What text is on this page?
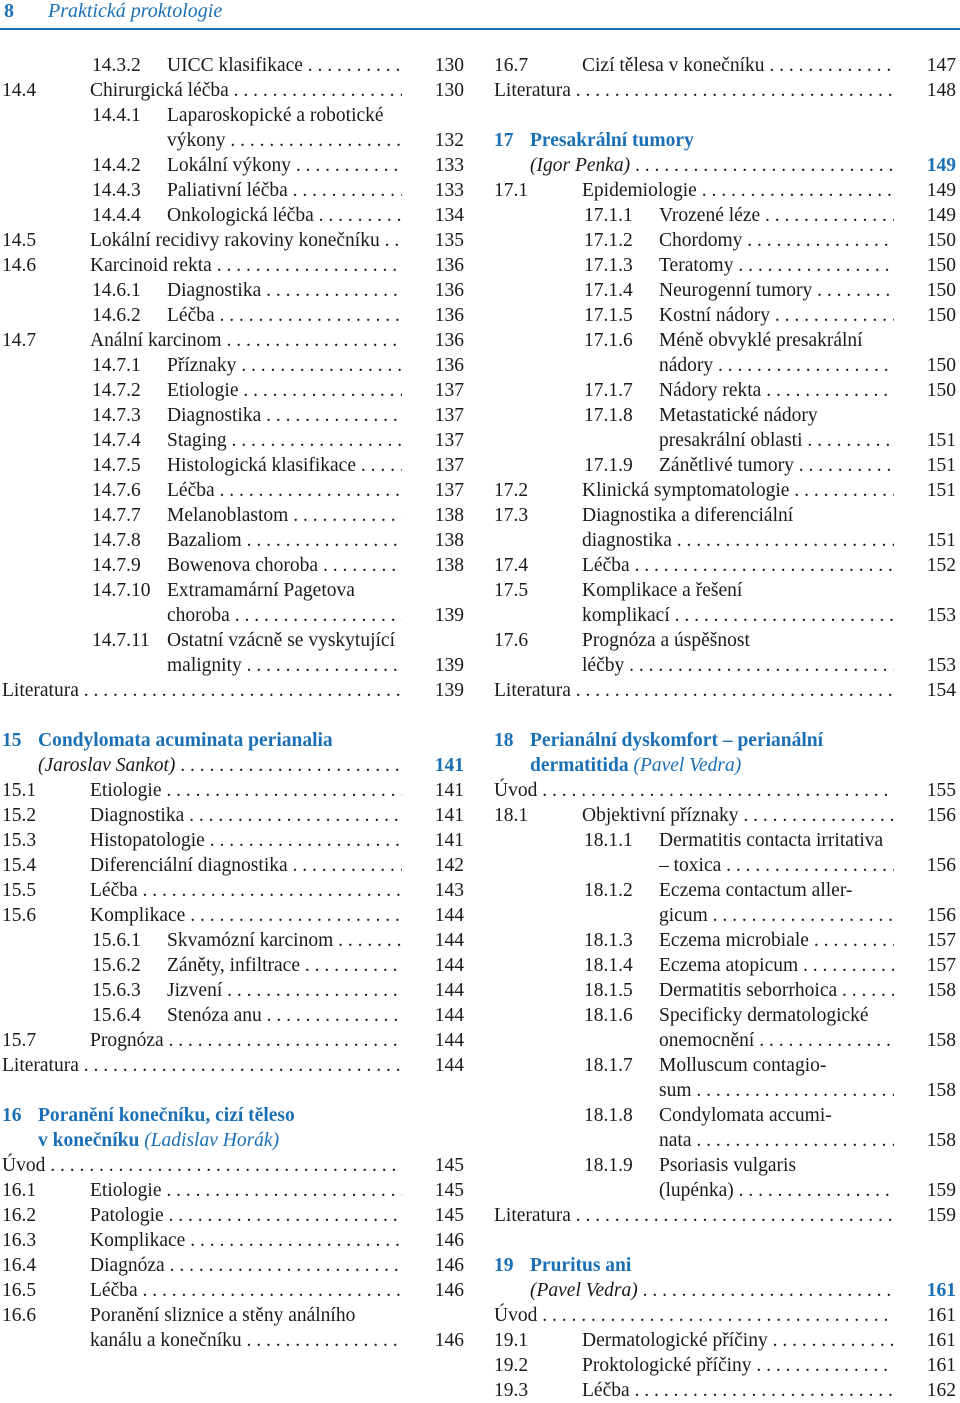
8 Praktická proktologie
14.3.2 UICC klasifikace . . .	130
14.4	Chirurgická léčba . . .	130
14.4.1 Laparoskopické a robotické
výkony . . .	132
14.4.2 Lokální výkony . . .	133
14.4.3 Paliativní léčba . . .	133
14.4.4 Onkologická léčba . . .	134
14.5	Lokální recidivy rakoviny konečníku . . .	135
14.6	Karcinoid rekta . . .	136
14.6.1 Diagnostika . . .	136
14.6.2 Léčba . . .	136
14.7	Anální karcinom . . .	136
14.7.1 Příznaky . . .	136
14.7.2 Etiologie . . .	137
14.7.3 Diagnostika . . .	137
14.7.4 Staging . . .	137
14.7.5 Histologická klasifikace . . .	137
14.7.6 Léčba . . .	137
14.7.7 Melanoblastom . . .	138
14.7.8 Bazaliom . . .	138
14.7.9 Bowenova choroba . . .	138
14.7.10 Extramamární Pagetova
choroba . . .	139
14.7.11 Ostatní vzácně se vyskytující
malignity . . .	139
Literatura . . .	139
15 Condylomata acuminata perianalia
(Jaroslav Sankot) . . .	141
15.1	Etiologie . . .	141
15.2	Diagnostika . . .	141
15.3	Histopatologie . . .	141
15.4	Diferenciální diagnostika . . .	142
15.5	Léčba . . .	143
15.6	Komplikace . . .	144
15.6.1 Skvamózní karcinom . . .	144
15.6.2 Záněty, infiltrace . . .	144
15.6.3 Jizvení . . .	144
15.6.4 Stenóza anu . . .	144
15.7	Prognóza . . .	144
Literatura . . .	144
16 Poranění konečníku, cizí těleso
v konečníku (Ladislav Horák)
Úvod . . .	145
16.1	Etiologie . . .	145
16.2	Patologie . . .	145
16.3	Komplikace . . .	146
16.4	Diagnóza . . .	146
16.5	Léčba . . .	146
16.6	Poranění sliznice a stěny análního
kanálu a konečníku . . .	146
16.7	Cizí tělesa v konečníku . . .	147
Literatura . . .	148
17 Presakrální tumory
(Igor Penka) . . .	149
17.1	Epidemiologie . . .	149
17.1.1 Vrozené léze . . .	149
17.1.2 Chordomy . . .	150
17.1.3 Teratomy . . .	150
17.1.4 Neurogenní tumory . . .	150
17.1.5 Kostní nádory . . .	150
17.1.6 Méně obvyklé presakrální
nádory . . .	150
17.1.7 Nádory rekta . . .	150
17.1.8 Metastatické nádory
presakrální oblasti . . .	151
17.1.9 Zánětlivé tumory . . .	151
17.2	Klinická symptomatologie . . .	151
17.3	Diagnostika a diferenciální
diagnostika . . .	151
17.4	Léčba . . .	152
17.5	Komplikace a řešení
komplikací . . .	153
17.6	Prognóza a úspěšnost
léčby . . .	153
Literatura . . .	154
18 Perianální dyskomfort – perianální
dermatitida (Pavel Vedra)
Úvod . . .	155
18.1	Objektivní příznaky . . .	156
18.1.1 Dermatitis contacta irritativa
– toxica . . .	156
18.1.2 Eczema contactum aller-
gicum . . .	156
18.1.3 Eczema microbiale . . .	157
18.1.4 Eczema atopicum . . .	157
18.1.5 Dermatitis seborrhoica . . .	158
18.1.6 Specificky dermatologické
onemocnění . . .	158
18.1.7 Molluscum contagio-
sum . . .	158
18.1.8 Condylomata accumi-
nata . . .	158
18.1.9 Psoriasis vulgaris
(lupénka) . . .	159
Literatura . . .	159
19 Pruritus ani
(Pavel Vedra) . . .	161
Úvod . . .	161
19.1	Dermatologické příčiny . . .	161
19.2	Proktologické příčiny . . .	161
19.3	Léčba . . .	162
